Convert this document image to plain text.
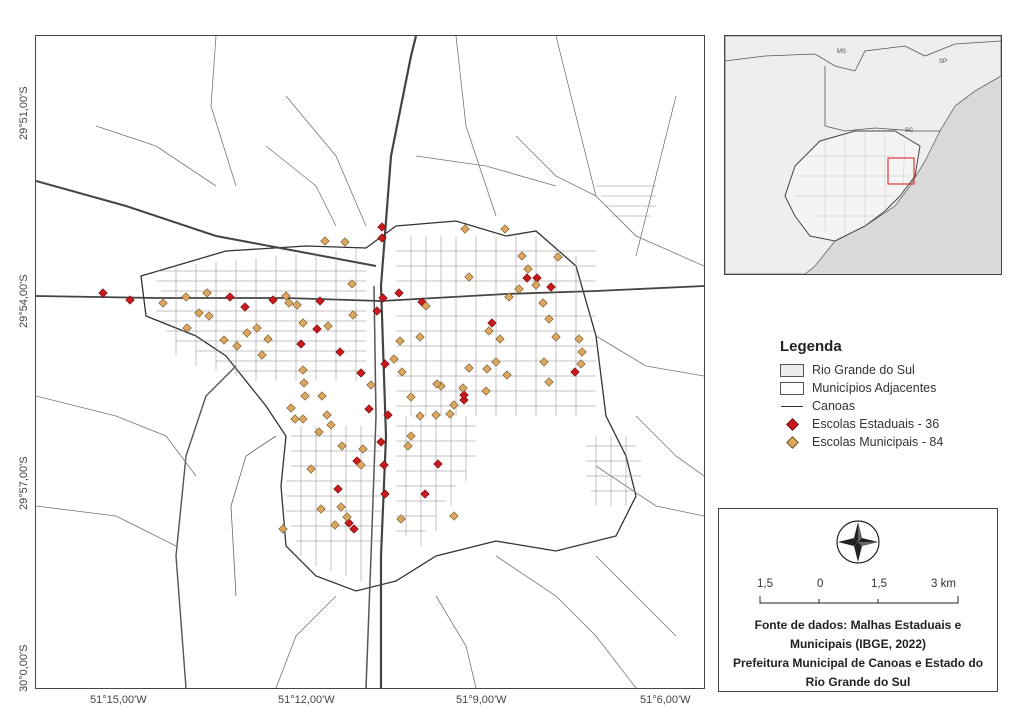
29°51,00'S
29°54,00'S
29°57,00'S
30°0,00'S
51°15,00'W	51°12,00'W	51°9,00'W	51°6,00'W
MS
SP
SC
Legenda
Rio Grande do Sul
Municípios Adjacentes
Canoas
Escolas Estaduais - 36
Escolas Municipais - 84
1,5	0	1,5	3 km
Fonte de dados: Malhas Estaduais e
Municipais (IBGE, 2022)
Prefeitura Municipal de Canoas e Estado do
Rio Grande do Sul
